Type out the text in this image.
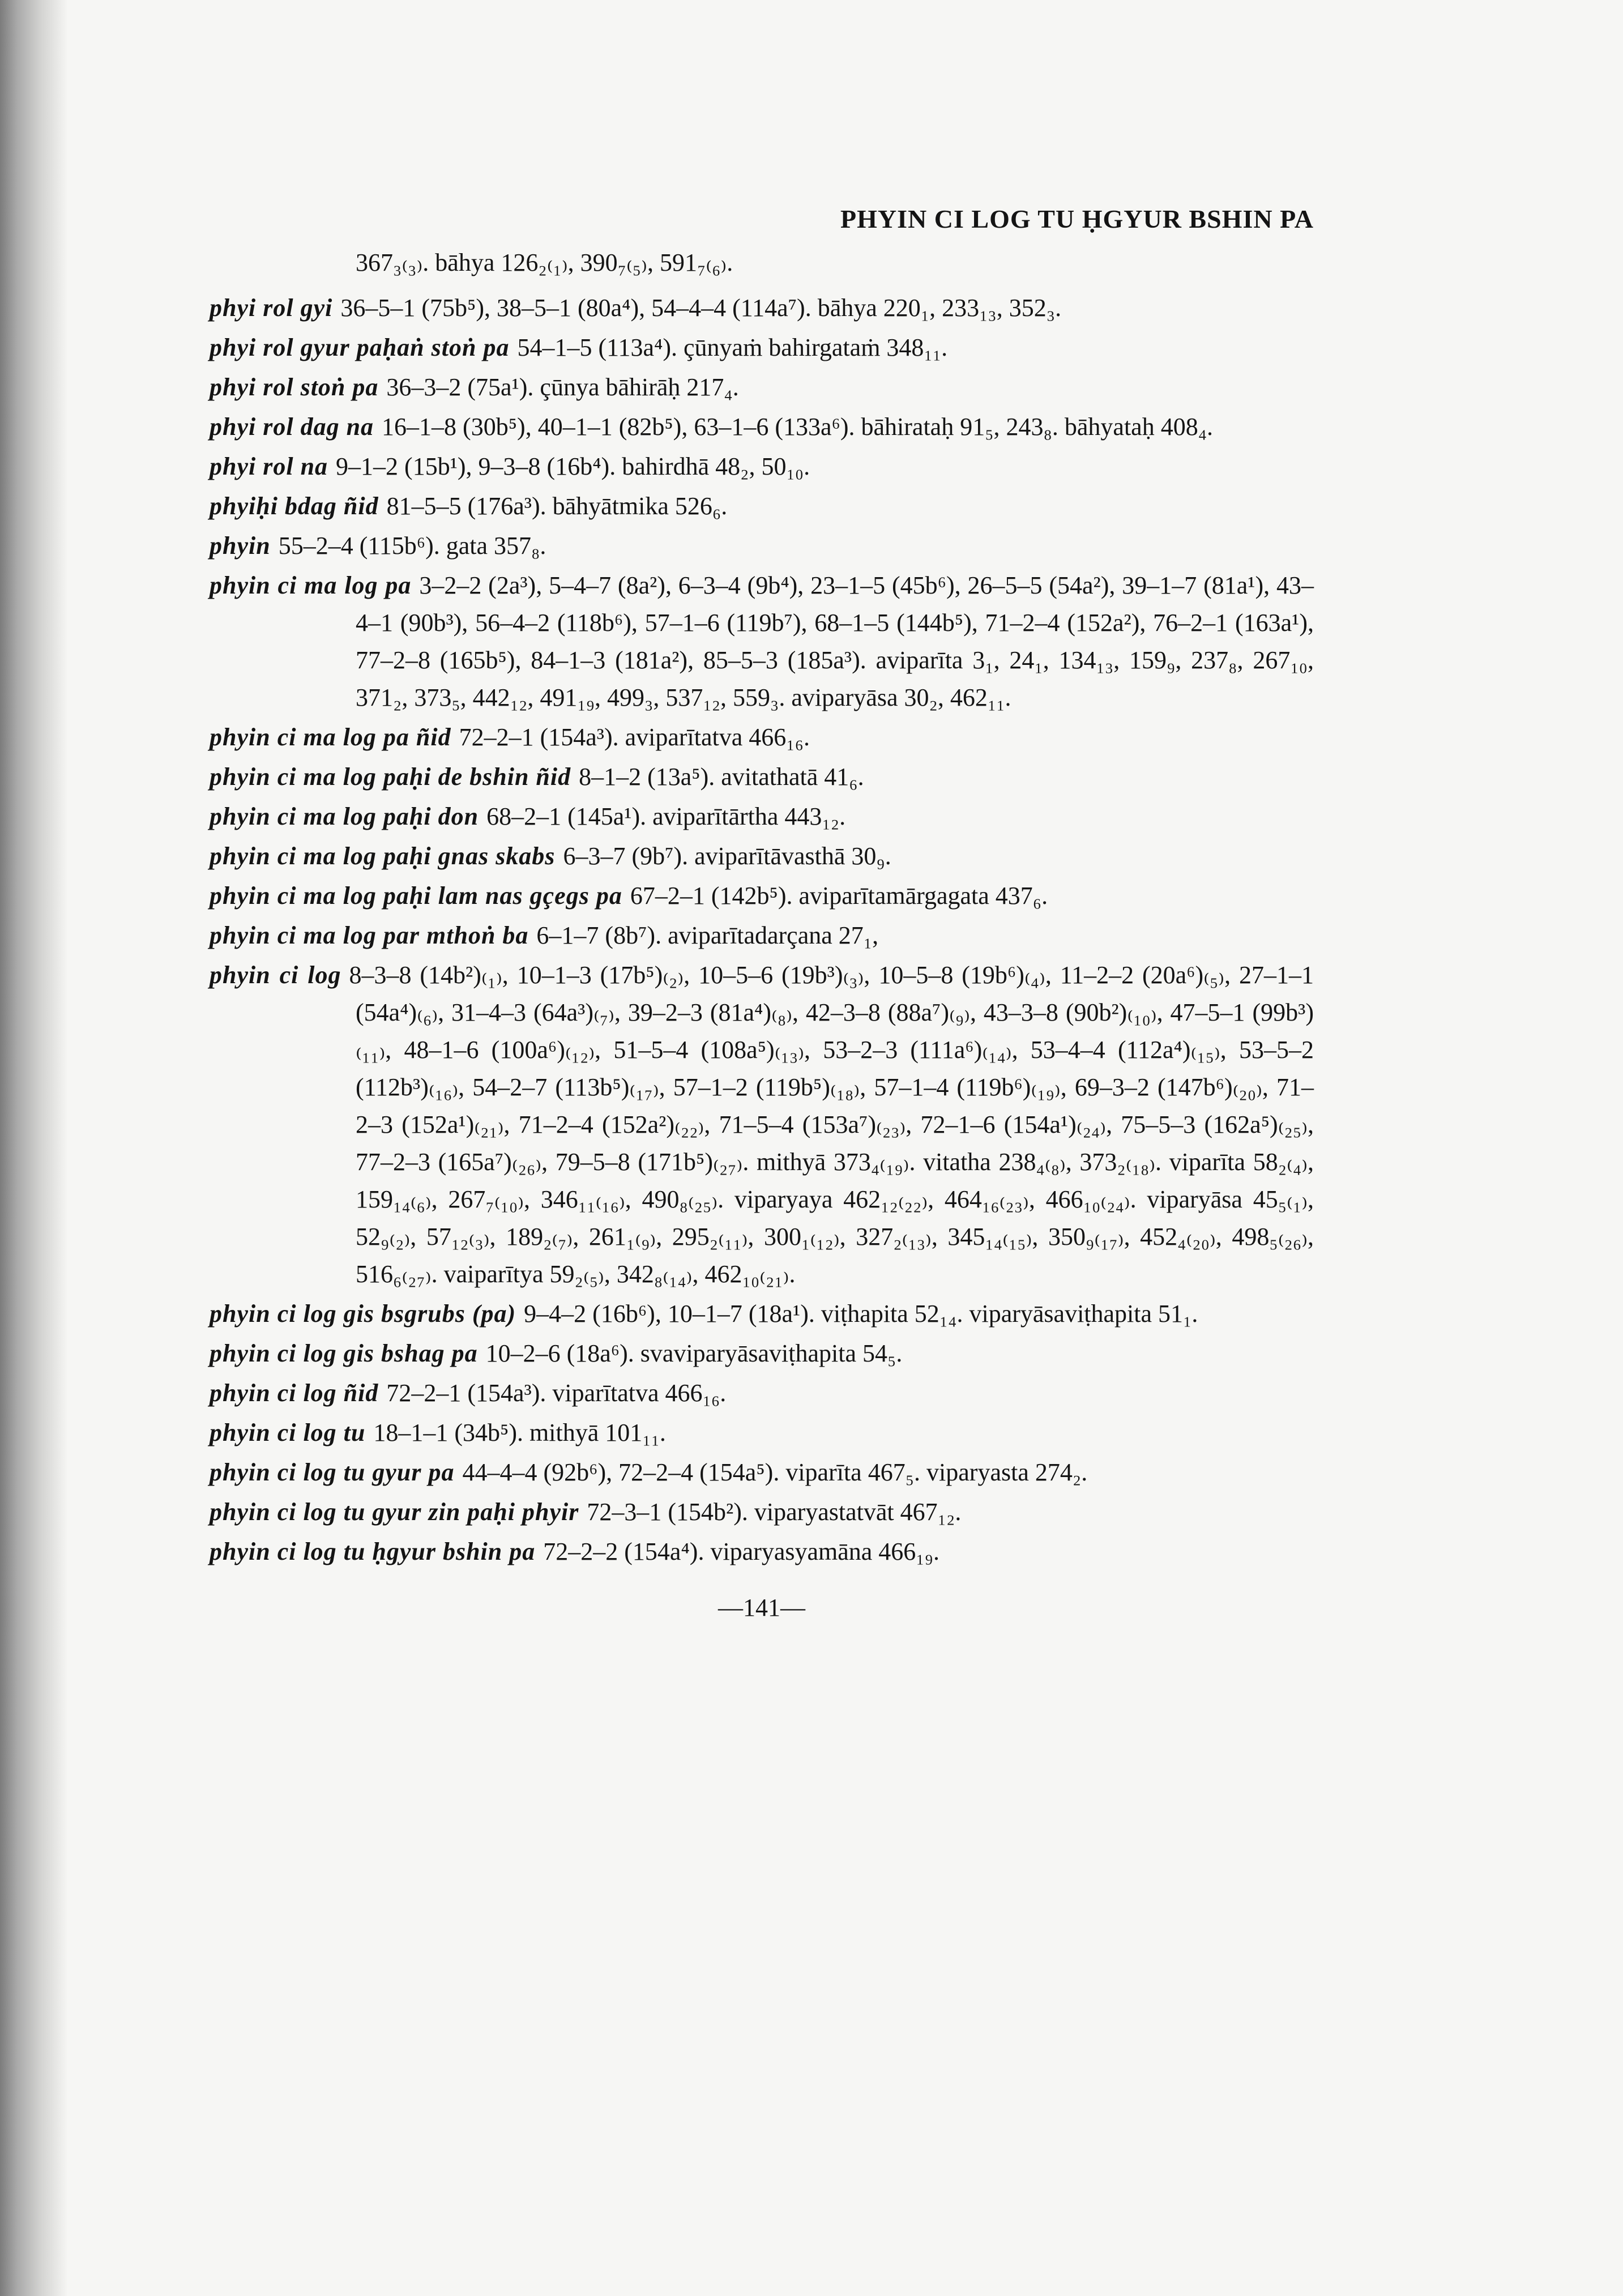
PHYIN CI LOG TU ḤGYUR BSHIN PA
367₃₍₃₎. bāhya 126₂₍₁₎, 390₇₍₅₎, 591₇₍₆₎.
phyi rol gyi 36–5–1 (75b⁵), 38–5–1 (80a⁴), 54–4–4 (114a⁷). bāhya 220₁, 233₁₃, 352₃.
phyi rol gyur paḥaṅ stoṅ pa 54–1–5 (113a⁴). çūnyaṁ bahirgataṁ 348₁₁.
phyi rol stoṅ pa 36–3–2 (75a¹). çūnya bāhirāḥ 217₄.
phyi rol dag na 16–1–8 (30b⁵), 40–1–1 (82b⁵), 63–1–6 (133a⁶). bāhirataḥ 91₅, 243₈. bāhyataḥ 408₄.
phyi rol na 9–1–2 (15b¹), 9–3–8 (16b⁴). bahirdhā 48₂, 50₁₀.
phyiḥi bdag ñid 81–5–5 (176a³). bāhyātmika 526₆.
phyin 55–2–4 (115b⁶). gata 357₈.
phyin ci ma log pa 3–2–2 (2a³), 5–4–7 (8a²), 6–3–4 (9b⁴), 23–1–5 (45b⁶), 26–5–5 (54a²), 39–1–7 (81a¹), 43–4–1 (90b³), 56–4–2 (118b⁶), 57–1–6 (119b⁷), 68–1–5 (144b⁵), 71–2–4 (152a²), 76–2–1 (163a¹), 77–2–8 (165b⁵), 84–1–3 (181a²), 85–5–3 (185a³). aviparīta 3₁, 24₁, 134₁₃, 159₉, 237₈, 267₁₀, 371₂, 373₅, 442₁₂, 491₁₉, 499₃, 537₁₂, 559₃. aviparyāsa 30₂, 462₁₁.
phyin ci ma log pa ñid 72–2–1 (154a³). aviparītatva 466₁₆.
phyin ci ma log paḥi de bshin ñid 8–1–2 (13a⁵). avitathatā 41₆.
phyin ci ma log paḥi don 68–2–1 (145a¹). aviparītārtha 443₁₂.
phyin ci ma log paḥi gnas skabs 6–3–7 (9b⁷). aviparītāvasthā 30₉.
phyin ci ma log paḥi lam nas gçegs pa 67–2–1 (142b⁵). aviparītamārgagata 437₆.
phyin ci ma log par mthoṅ ba 6–1–7 (8b⁷). aviparītadarçana 27₁,
phyin ci log 8–3–8 (14b²)₍₁₎, 10–1–3 (17b⁵)₍₂₎, 10–5–6 (19b³)₍₃₎, 10–5–8 (19b⁶)₍₄₎, 11–2–2 (20a⁶)₍₅₎, 27–1–1 (54a⁴)₍₆₎, 31–4–3 (64a³)₍₇₎, 39–2–3 (81a⁴)₍₈₎, 42–3–8 (88a⁷)₍₉₎, 43–3–8 (90b²)₍₁₀₎, 47–5–1 (99b³)₍₁₁₎, 48–1–6 (100a⁶)₍₁₂₎, 51–5–4 (108a⁵)₍₁₃₎, 53–2–3 (111a⁶)₍₁₄₎, 53–4–4 (112a⁴)₍₁₅₎, 53–5–2 (112b³)₍₁₆₎, 54–2–7 (113b⁵)₍₁₇₎, 57–1–2 (119b⁵)₍₁₈₎, 57–1–4 (119b⁶)₍₁₉₎, 69–3–2 (147b⁶)₍₂₀₎, 71–2–3 (152a¹)₍₂₁₎, 71–2–4 (152a²)₍₂₂₎, 71–5–4 (153a⁷)₍₂₃₎, 72–1–6 (154a¹)₍₂₄₎, 75–5–3 (162a⁵)₍₂₅₎, 77–2–3 (165a⁷)₍₂₆₎, 79–5–8 (171b⁵)₍₂₇₎. mithyā 373₄₍₁₉₎. vitatha 238₄₍₈₎, 373₂₍₁₈₎. viparīta 58₂₍₄₎, 159₁₄₍₆₎, 267₇₍₁₀₎, 346₁₁₍₁₆₎, 490₈₍₂₅₎. viparyaya 462₁₂₍₂₂₎, 464₁₆₍₂₃₎, 466₁₀₍₂₄₎. viparyāsa 45₅₍₁₎, 52₉₍₂₎, 57₁₂₍₃₎, 189₂₍₇₎, 261₁₍₉₎, 295₂₍₁₁₎, 300₁₍₁₂₎, 327₂₍₁₃₎, 345₁₄₍₁₅₎, 350₉₍₁₇₎, 452₄₍₂₀₎, 498₅₍₂₆₎, 516₆₍₂₇₎. vaiparītya 59₂₍₅₎, 342₈₍₁₄₎, 462₁₀₍₂₁₎.
phyin ci log gis bsgrubs (pa) 9–4–2 (16b⁶), 10–1–7 (18a¹). viṭhapita 52₁₄. viparyāsaviṭhapita 51₁.
phyin ci log gis bshag pa 10–2–6 (18a⁶). svaviparyāsaviṭhapita 54₅.
phyin ci log ñid 72–2–1 (154a³). viparītatva 466₁₆.
phyin ci log tu 18–1–1 (34b⁵). mithyā 101₁₁.
phyin ci log tu gyur pa 44–4–4 (92b⁶), 72–2–4 (154a⁵). viparīta 467₅. viparyasta 274₂.
phyin ci log tu gyur zin paḥi phyir 72–3–1 (154b²). viparyastatvāt 467₁₂.
phyin ci log tu ḥgyur bshin pa 72–2–2 (154a⁴). viparyasyamāna 466₁₉.
—141—
